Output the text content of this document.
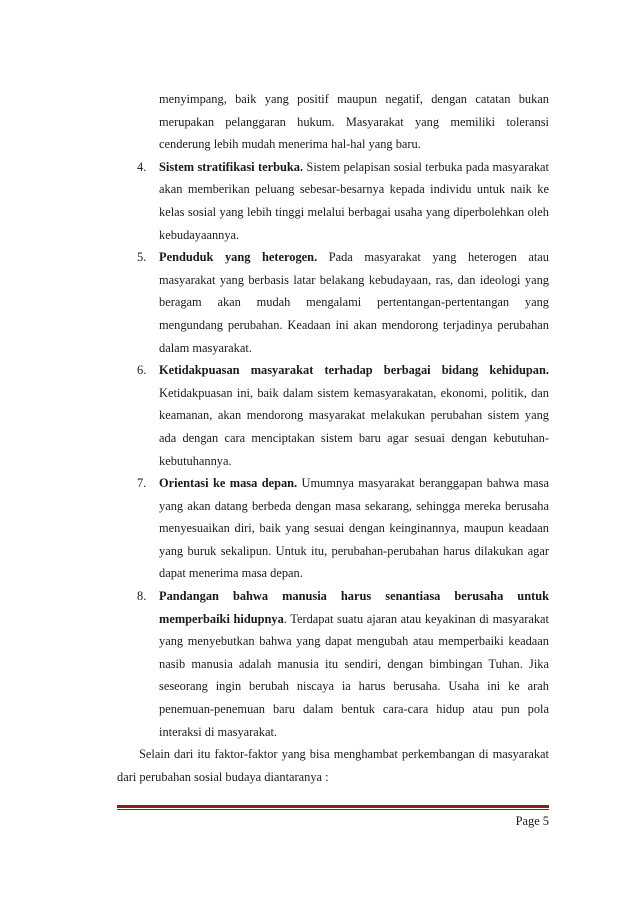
menyimpang, baik yang positif maupun negatif, dengan catatan bukan merupakan pelanggaran hukum. Masyarakat yang memiliki toleransi cenderung lebih mudah menerima hal-hal yang baru.
4. Sistem stratifikasi terbuka. Sistem pelapisan sosial terbuka pada masyarakat akan memberikan peluang sebesar-besarnya kepada individu untuk naik ke kelas sosial yang lebih tinggi melalui berbagai usaha yang diperbolehkan oleh kebudayaannya.
5. Penduduk yang heterogen. Pada masyarakat yang heterogen atau masyarakat yang berbasis latar belakang kebudayaan, ras, dan ideologi yang beragam akan mudah mengalami pertentangan-pertentangan yang mengundang perubahan. Keadaan ini akan mendorong terjadinya perubahan dalam masyarakat.
6. Ketidakpuasan masyarakat terhadap berbagai bidang kehidupan. Ketidakpuasan ini, baik dalam sistem kemasyarakatan, ekonomi, politik, dan keamanan, akan mendorong masyarakat melakukan perubahan sistem yang ada dengan cara menciptakan sistem baru agar sesuai dengan kebutuhan-kebutuhannya.
7. Orientasi ke masa depan. Umumnya masyarakat beranggapan bahwa masa yang akan datang berbeda dengan masa sekarang, sehingga mereka berusaha menyesuaikan diri, baik yang sesuai dengan keinginannya, maupun keadaan yang buruk sekalipun. Untuk itu, perubahan-perubahan harus dilakukan agar dapat menerima masa depan.
8. Pandangan bahwa manusia harus senantiasa berusaha untuk memperbaiki hidupnya. Terdapat suatu ajaran atau keyakinan di masyarakat yang menyebutkan bahwa yang dapat mengubah atau memperbaiki keadaan nasib manusia adalah manusia itu sendiri, dengan bimbingan Tuhan. Jika seseorang ingin berubah niscaya ia harus berusaha. Usaha ini ke arah penemuan-penemuan baru dalam bentuk cara-cara hidup atau pun pola interaksi di masyarakat.
Selain dari itu faktor-faktor yang bisa menghambat perkembangan di masyarakat dari perubahan sosial budaya diantaranya :
Page 5
